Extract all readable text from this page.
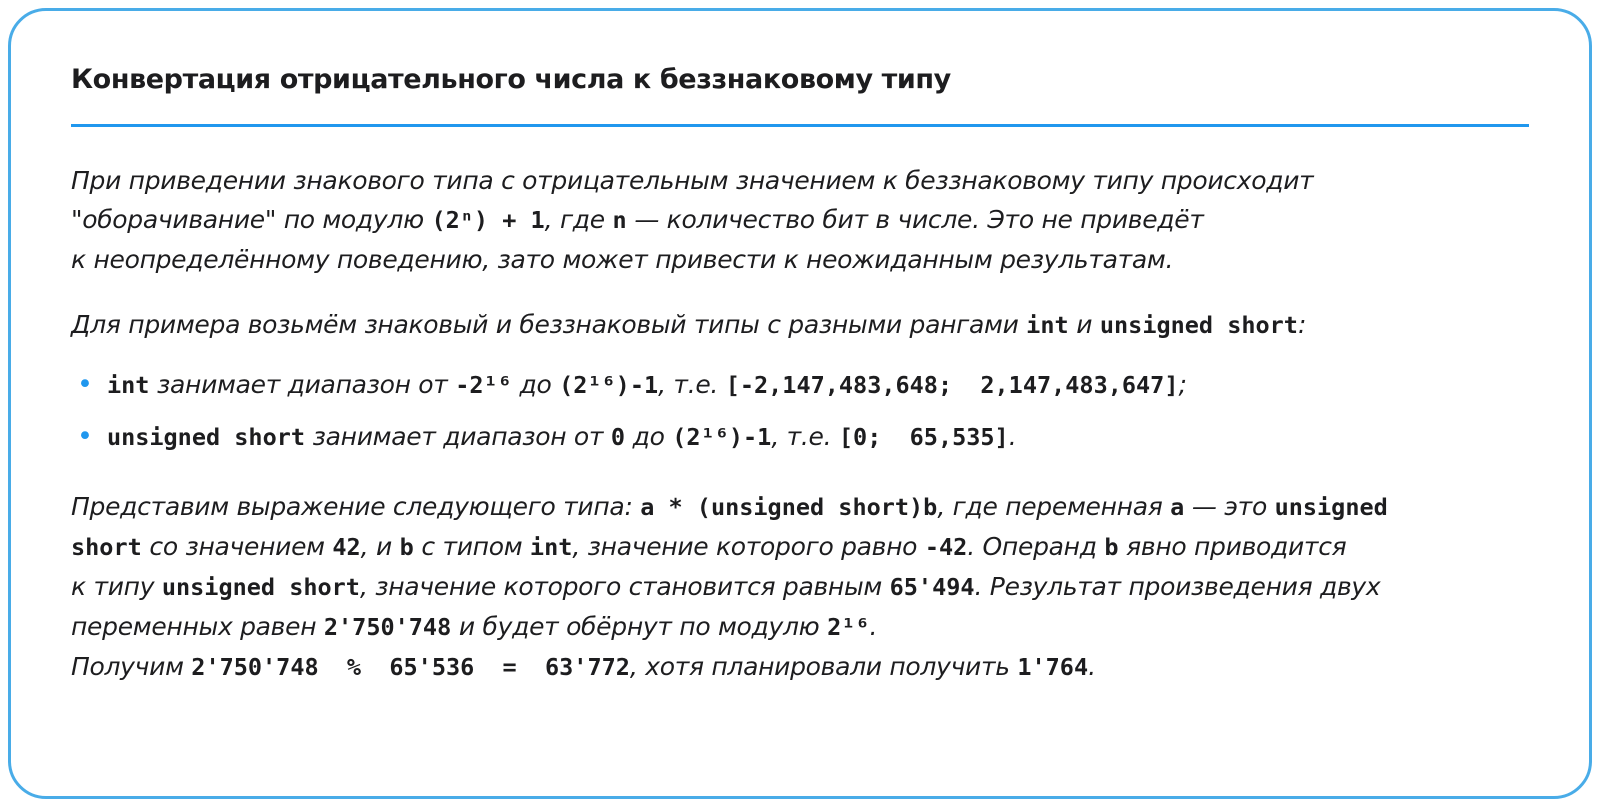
Конвертация отрицательного числа к беззнаковому типу

При приведении знакового типа с отрицательным значением к беззнаковому типу происходит
"оборачивание" по модулю (2ⁿ) + 1, где n — количество бит в числе. Это не приведёт
к неопределённому поведению, зато может привести к неожиданным результатам.

Для примера возьмём знаковый и беззнаковый типы с разными рангами int и unsigned short:

• int занимает диапазон от -2¹⁶ до (2¹⁶)-1, т.е. [-2,147,483,648;  2,147,483,647];
• unsigned short занимает диапазон от 0 до (2¹⁶)-1, т.е. [0;  65,535].

Представим выражение следующего типа: a * (unsigned short)b, где переменная a — это unsigned
short со значением 42, и b с типом int, значение которого равно -42. Операнд b явно приводится
к типу unsigned short, значение которого становится равным 65'494. Результат произведения двух
переменных равен 2'750'748 и будет обёрнут по модулю 2¹⁶.
Получим 2'750'748  %  65'536  =  63'772, хотя планировали получить 1'764.
